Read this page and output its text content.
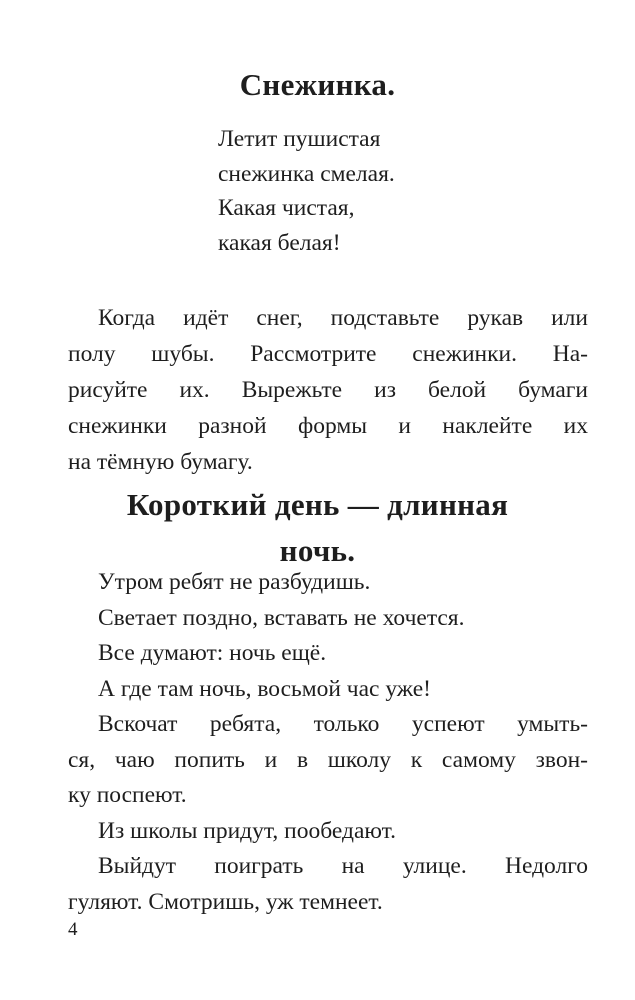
Снежинка.
Летит пушистая
снежинка смелая.
Какая чистая,
какая белая!
Когда идёт снег, подставьте рукав или
полу шубы. Рассмотрите снежинки. На-
рисуйте их. Вырежьте из белой бумаги
снежинки разной формы и наклейте их
на тёмную бумагу.
Короткий день — длинная
ночь.
Утром ребят не разбудишь.
Светает поздно, вставать не хочется.
Все думают: ночь ещё.
А где там ночь, восьмой час уже!
Вскочат ребята, только успеют умыть-
ся, чаю попить и в школу к самому звон-
ку поспеют.
Из школы придут, пообедают.
Выйдут поиграть на улице. Недолго
гуляют. Смотришь, уж темнеет.
4
